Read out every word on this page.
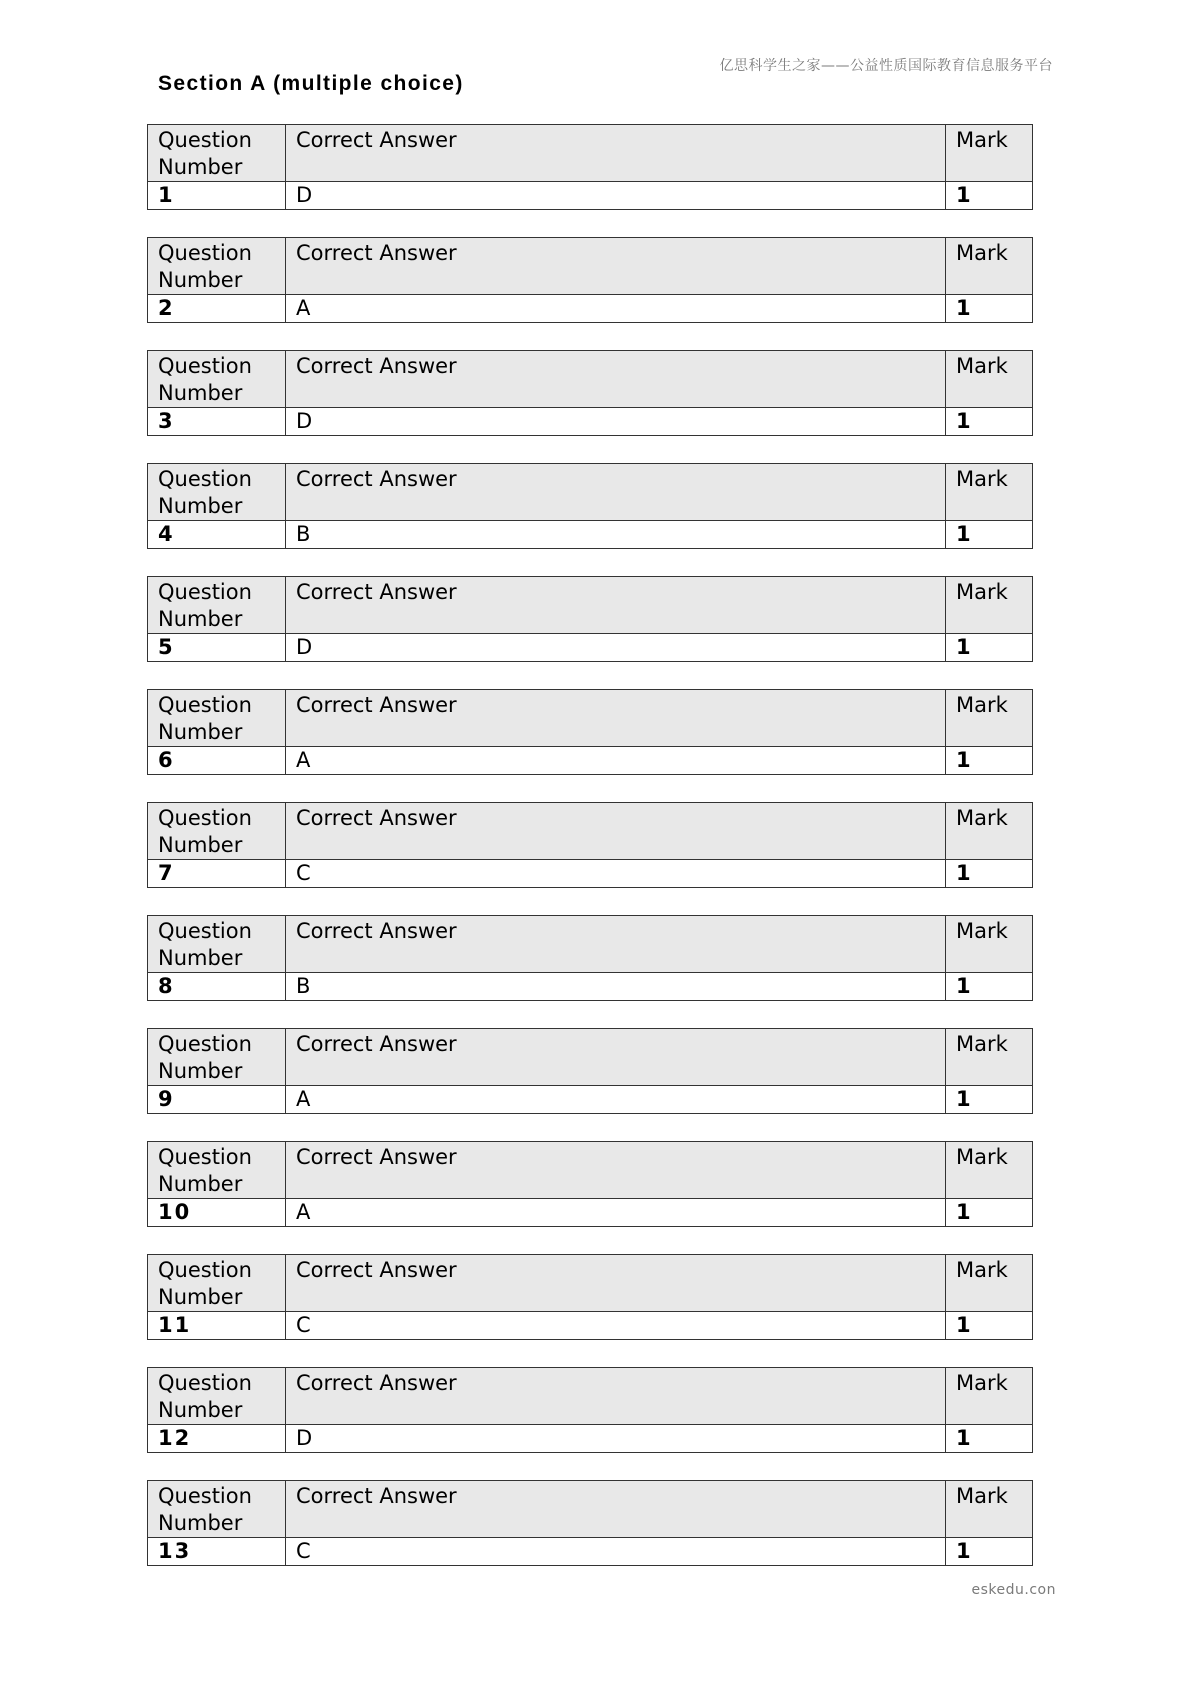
亿思科学生之家——公益性质国际教育信息服务平台
Section A (multiple choice)
Question Number	Correct Answer	Mark
1	D	1
Question Number	Correct Answer	Mark
2	A	1
Question Number	Correct Answer	Mark
3	D	1
Question Number	Correct Answer	Mark
4	B	1
Question Number	Correct Answer	Mark
5	D	1
Question Number	Correct Answer	Mark
6	A	1
Question Number	Correct Answer	Mark
7	C	1
Question Number	Correct Answer	Mark
8	B	1
Question Number	Correct Answer	Mark
9	A	1
Question Number	Correct Answer	Mark
10	A	1
Question Number	Correct Answer	Mark
11	C	1
Question Number	Correct Answer	Mark
12	D	1
Question Number	Correct Answer	Mark
13	C	1
eskedu.con
